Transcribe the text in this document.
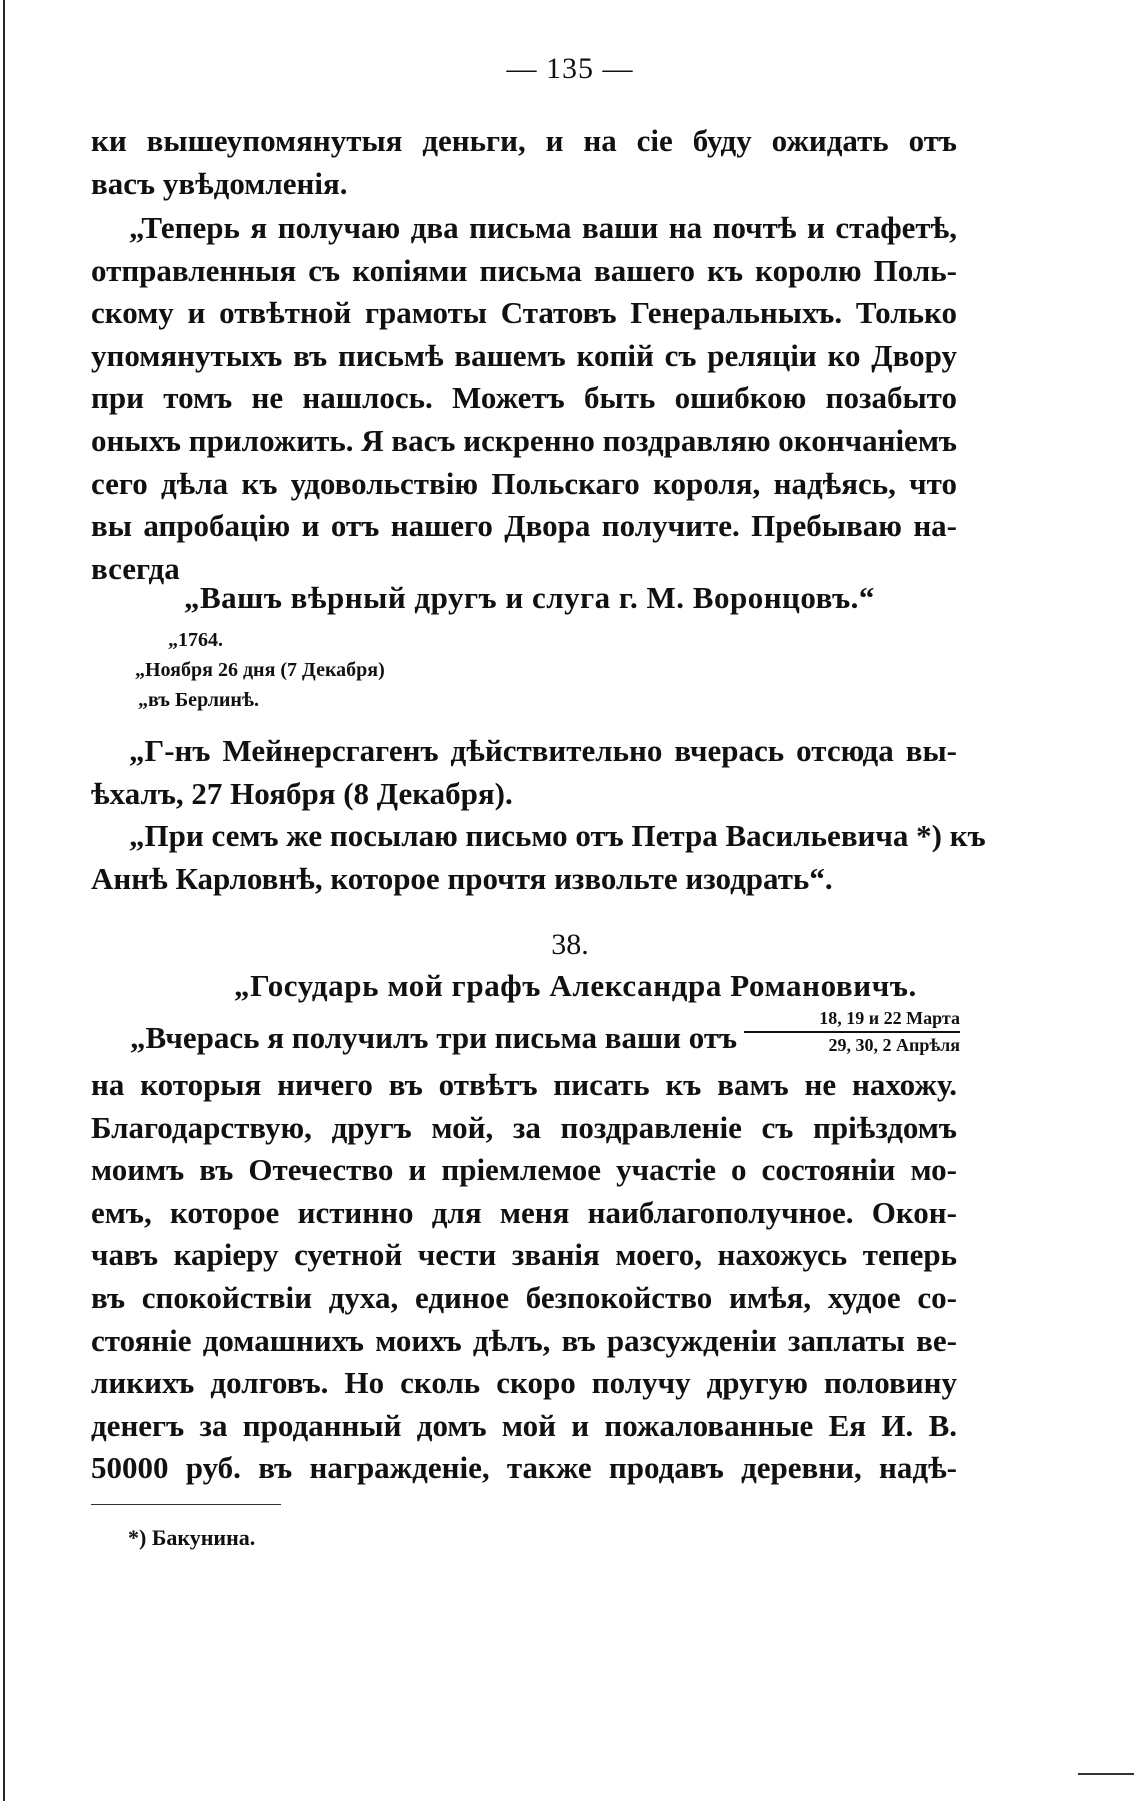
— 135 —
ки вышеупомянутыя деньги, и на сіе буду ожидать отъ
васъ увѣдомленія.
„Теперь я получаю два письма ваши на почтѣ и стафетѣ,
отправленныя съ копіями письма вашего къ королю Поль-
скому и отвѣтной грамоты Статовъ Генеральныхъ. Только
упомянутыхъ въ письмѣ вашемъ копій съ реляціи ко Двору
при томъ не нашлось. Можетъ быть ошибкою позабыто
оныхъ приложить. Я васъ искренно поздравляю окончаніемъ
сего дѣла къ удовольствію Польскаго короля, надѣясь, что
вы апробацію и отъ нашего Двора получите. Пребываю на-
всегда
„Вашъ вѣрный другъ и слуга г. М. Воронцовъ.“
„1764.
„Ноября 26 дня (7 Декабря)
„въ Берлинѣ.
„Г-нъ Мейнерсгагенъ дѣйствительно вчерась отсюда вы-
ѣхалъ, 27 Ноября (8 Декабря).
„При семъ же посылаю письмо отъ Петра Васильевича *) къ
Аннѣ Карловнѣ, которое прочтя извольте изодрать“.
38.
„Государь мой графъ Александра Романовичъ.
„Вчерась я получилъ три письма ваши отъ
18, 19 и 22 Марта
29, 30, 2 Апрѣля
на которыя ничего въ отвѣтъ писать къ вамъ не нахожу.
Благодарствую, другъ мой, за поздравленіе съ пріѣздомъ
моимъ въ Отечество и пріемлемое участіе о состояніи мо-
емъ, которое истинно для меня наиблагополучное. Окон-
чавъ каріеру суетной чести званія моего, нахожусь теперь
въ спокойствіи духа, единое безпокойство имѣя, худое со-
стояніе домашнихъ моихъ дѣлъ, въ разсужденіи заплаты ве-
ликихъ долговъ. Но сколь скоро получу другую половину
денегъ за проданный домъ мой и пожалованные Ея И. В.
50000 руб. въ награжденіе, также продавъ деревни, надѣ-
*) Бакунина.
